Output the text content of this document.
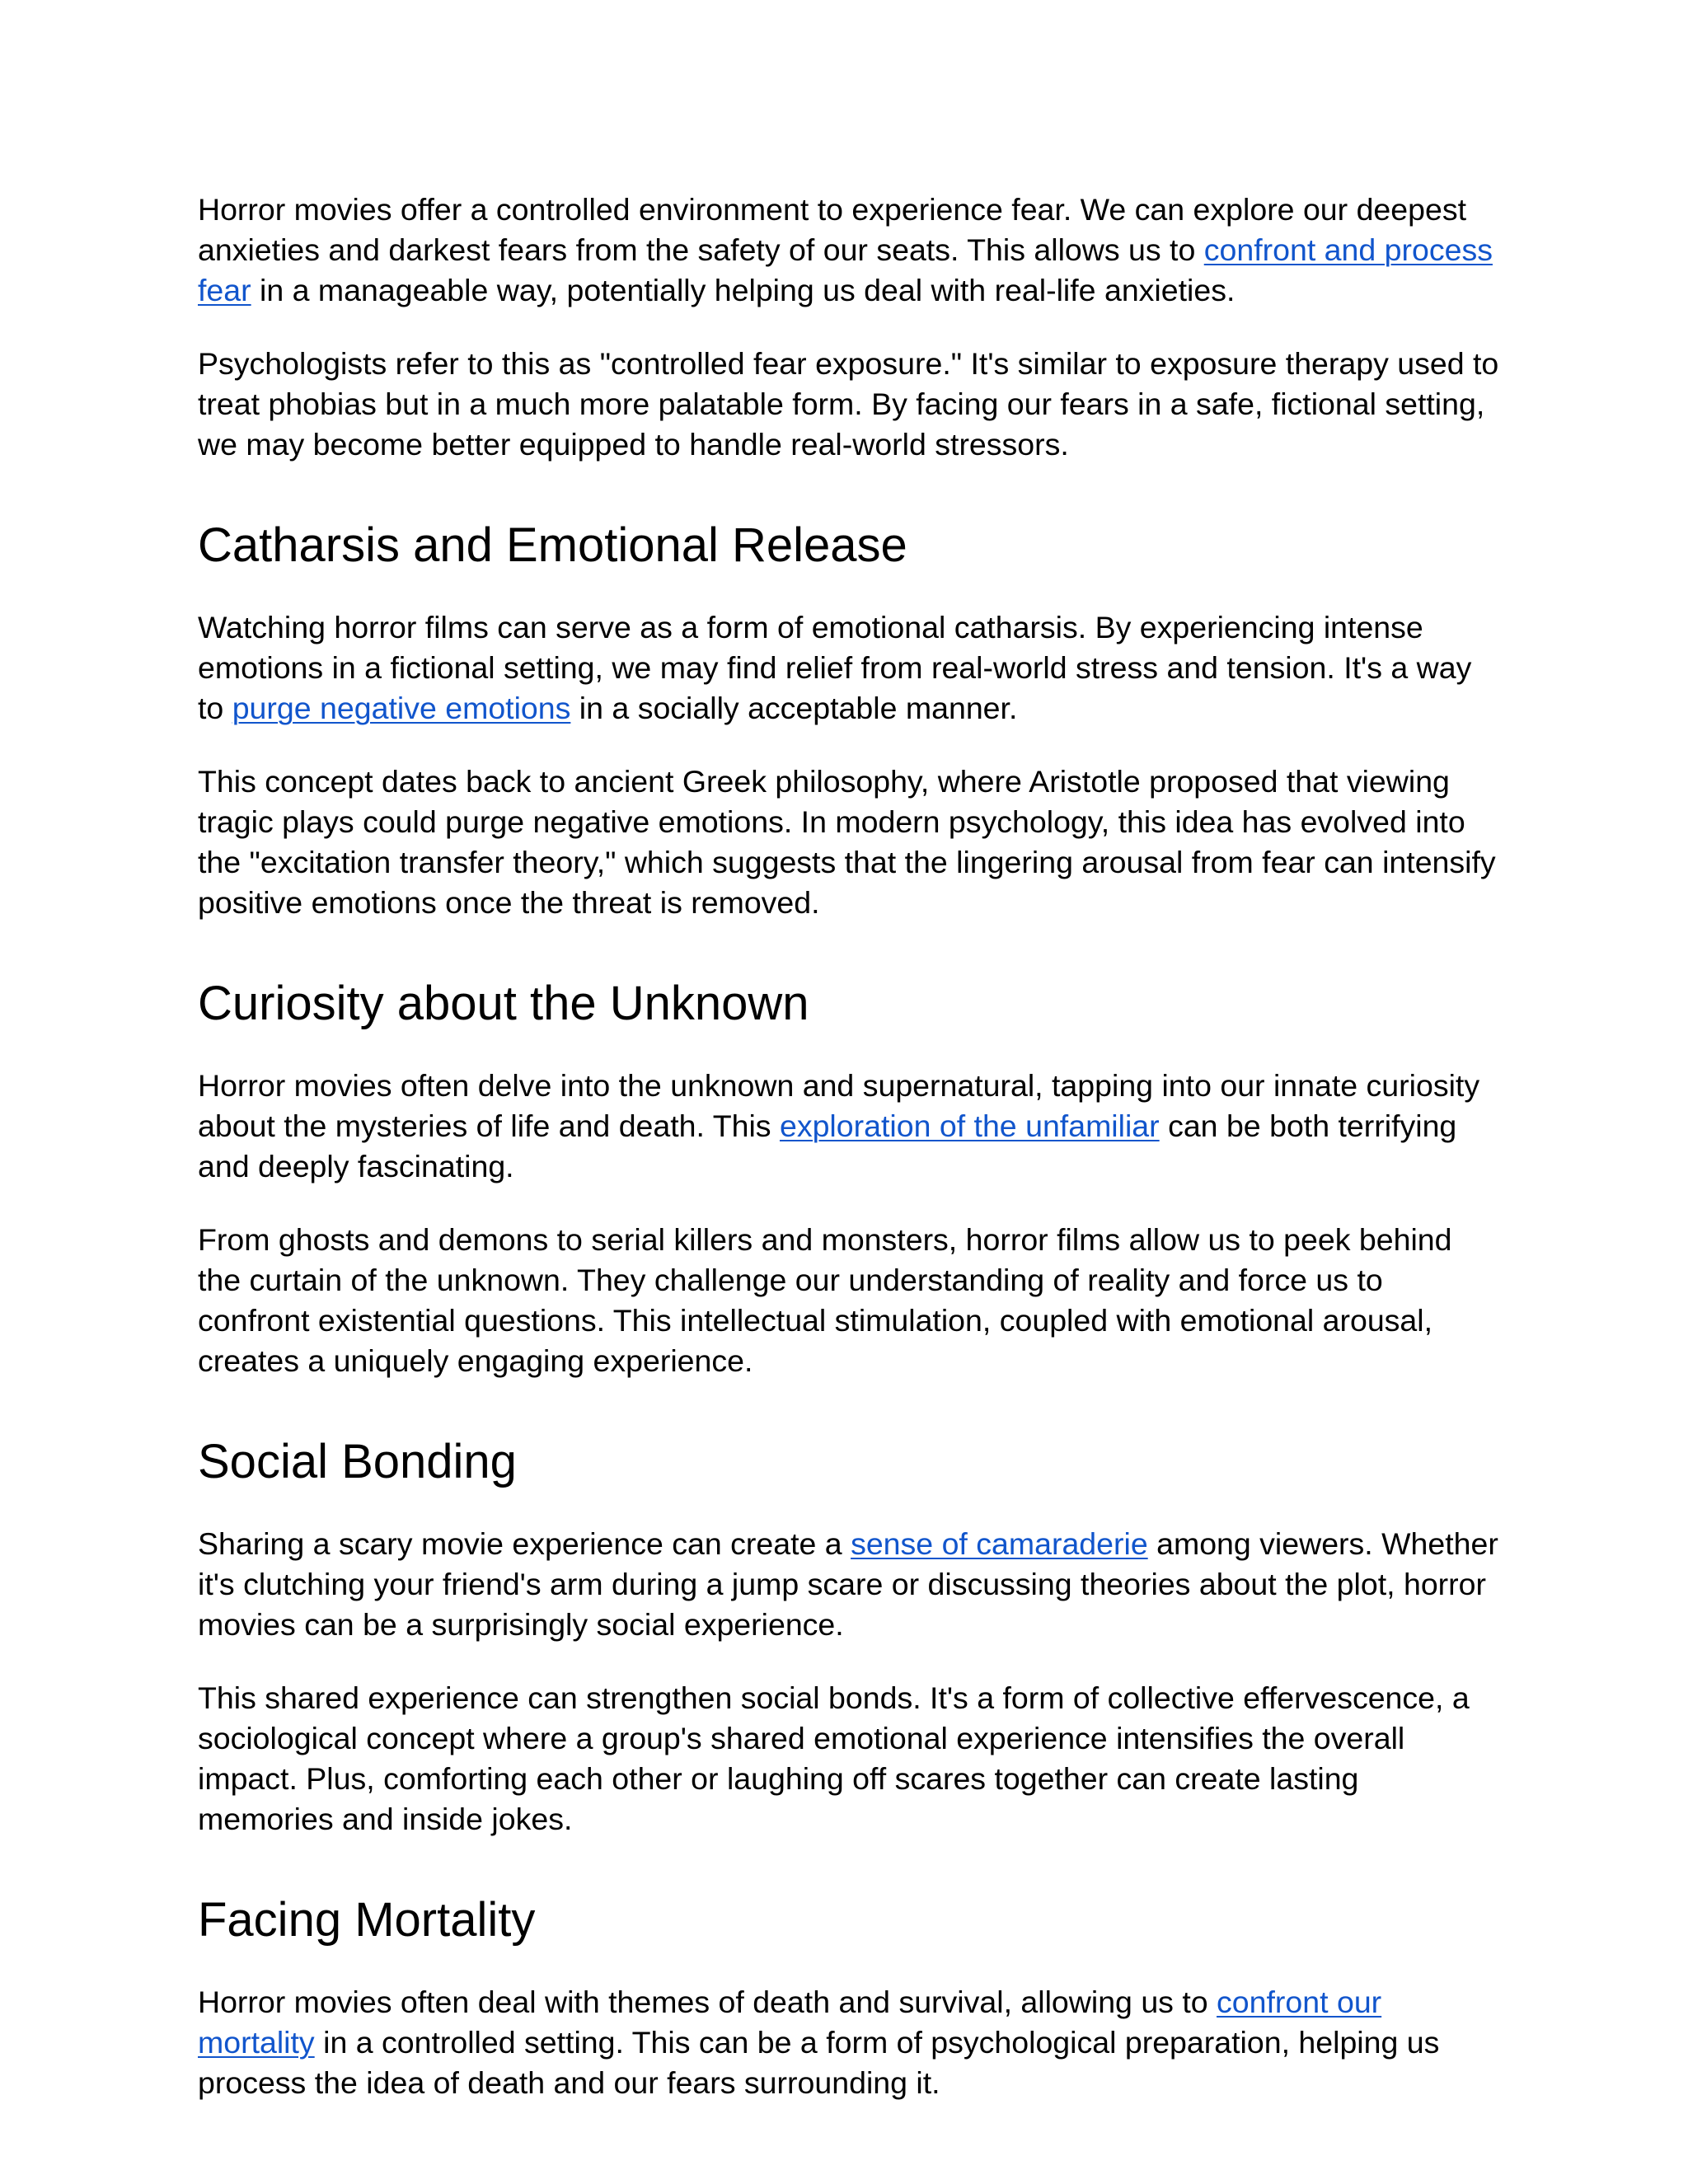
Horror movies offer a controlled environment to experience fear. We can explore our deepest anxieties and darkest fears from the safety of our seats. This allows us to confront and process fear in a manageable way, potentially helping us deal with real-life anxieties.

Psychologists refer to this as "controlled fear exposure." It's similar to exposure therapy used to treat phobias but in a much more palatable form. By facing our fears in a safe, fictional setting, we may become better equipped to handle real-world stressors.

Catharsis and Emotional Release

Watching horror films can serve as a form of emotional catharsis. By experiencing intense emotions in a fictional setting, we may find relief from real-world stress and tension. It's a way to purge negative emotions in a socially acceptable manner.

This concept dates back to ancient Greek philosophy, where Aristotle proposed that viewing tragic plays could purge negative emotions. In modern psychology, this idea has evolved into the "excitation transfer theory," which suggests that the lingering arousal from fear can intensify positive emotions once the threat is removed.

Curiosity about the Unknown

Horror movies often delve into the unknown and supernatural, tapping into our innate curiosity about the mysteries of life and death. This exploration of the unfamiliar can be both terrifying and deeply fascinating.

From ghosts and demons to serial killers and monsters, horror films allow us to peek behind the curtain of the unknown. They challenge our understanding of reality and force us to confront existential questions. This intellectual stimulation, coupled with emotional arousal, creates a uniquely engaging experience.

Social Bonding

Sharing a scary movie experience can create a sense of camaraderie among viewers. Whether it's clutching your friend's arm during a jump scare or discussing theories about the plot, horror movies can be a surprisingly social experience.

This shared experience can strengthen social bonds. It's a form of collective effervescence, a sociological concept where a group's shared emotional experience intensifies the overall impact. Plus, comforting each other or laughing off scares together can create lasting memories and inside jokes.

Facing Mortality

Horror movies often deal with themes of death and survival, allowing us to confront our mortality in a controlled setting. This can be a form of psychological preparation, helping us process the idea of death and our fears surrounding it.
